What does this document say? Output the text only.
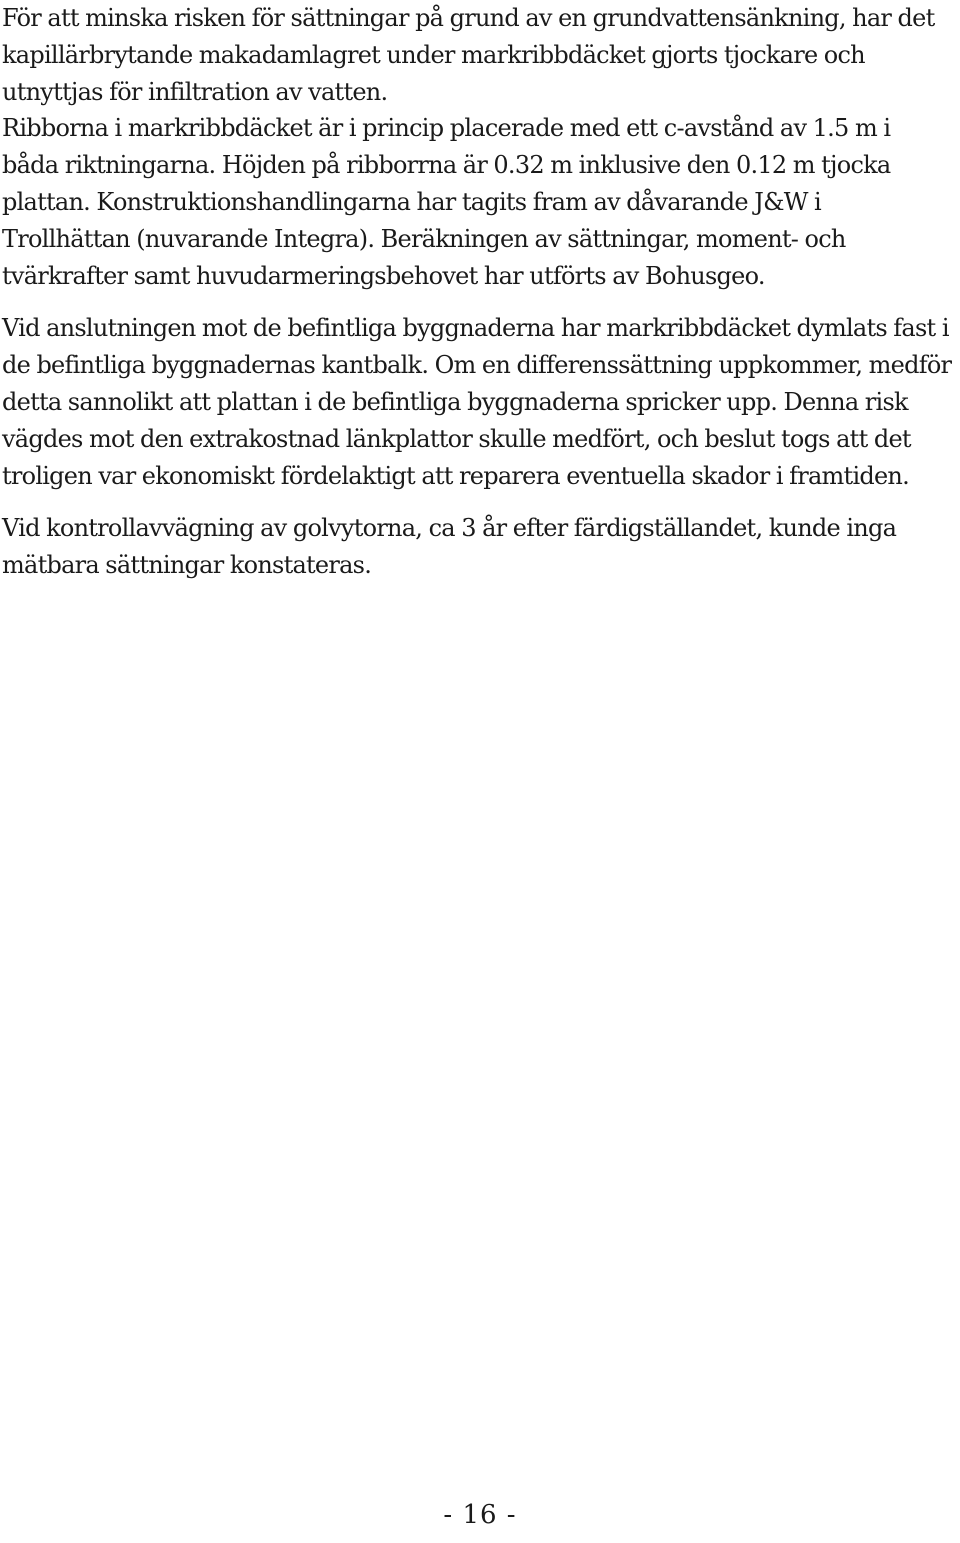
För att minska risken för sättningar på grund av en grundvattensänkning, har det kapillärbrytande makadamlagret under markribbdäcket gjorts tjockare och utnyttjas för infiltration av vatten.

Ribborna i markribbdäcket är i princip placerade med ett c-avstånd av 1.5 m i båda riktningarna. Höjden på ribborrna är 0.32 m inklusive den 0.12 m tjocka plattan. Konstruktionshandlingarna har tagits fram av dåvarande J&W i Trollhättan (nuvarande Integra). Beräkningen av sättningar, moment- och tvärkrafter samt huvudarmeringsbehovet har utförts av Bohusgeo.

Vid anslutningen mot de befintliga byggnaderna har markribbdäcket dymlats fast i de befintliga byggnadernas kantbalk. Om en differenssättning uppkommer, medför detta sannolikt att plattan i de befintliga byggnaderna spricker upp. Denna risk vägdes mot den extrakostnad länkplattor skulle medfört, och beslut togs att det troligen var ekonomiskt fördelaktigt att reparera eventuella skador i framtiden.

Vid kontrollavvägning av golvytorna, ca 3 år efter färdigställandet, kunde inga mätbara sättningar konstateras.

- 16 -
